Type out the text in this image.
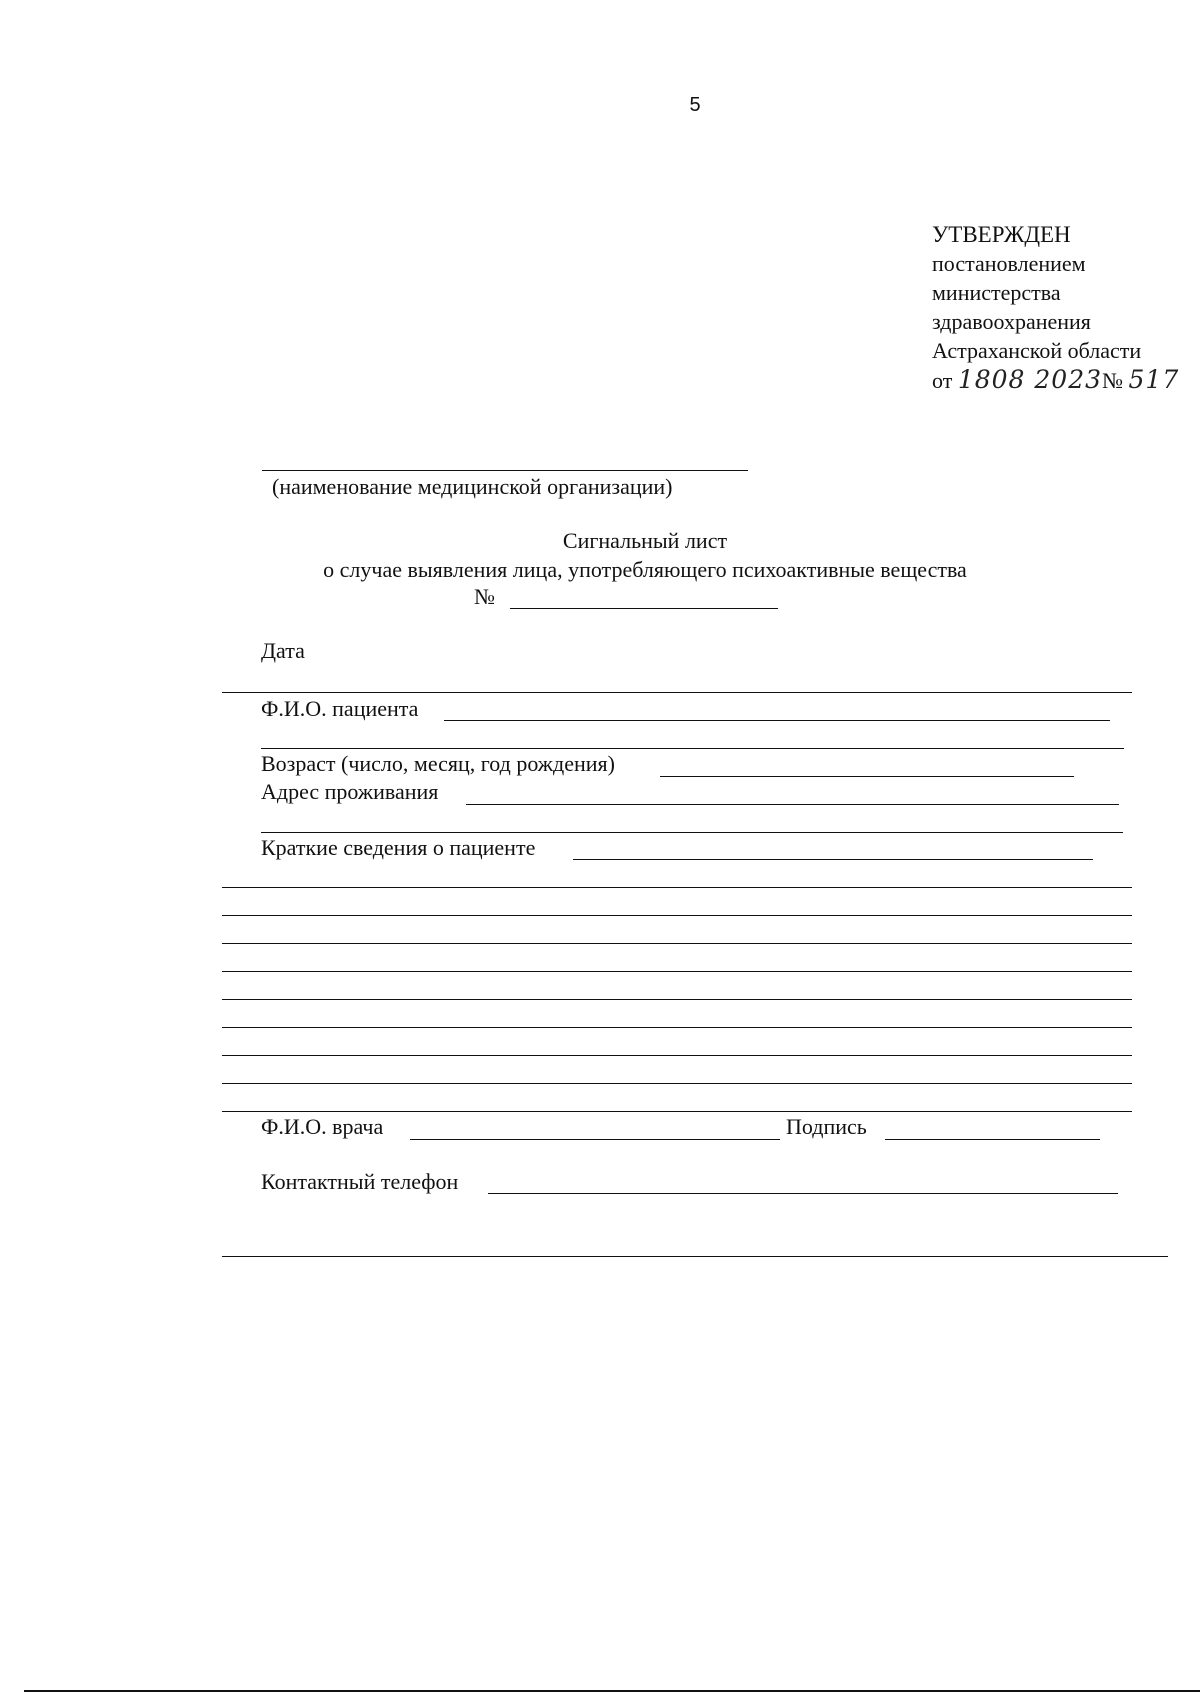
5
УТВЕРЖДЕН
постановлением
министерства
здравоохранения
Астраханской области
от 1808 2023№ 517
(наименование медицинской организации)
Сигнальный лист
о случае выявления лица, употребляющего психоактивные вещества
№
Дата
Ф.И.О. пациента
Возраст (число, месяц, год рождения)
Адрес проживания
Краткие сведения о пациенте
Ф.И.О. врача	Подпись
Контактный телефон
